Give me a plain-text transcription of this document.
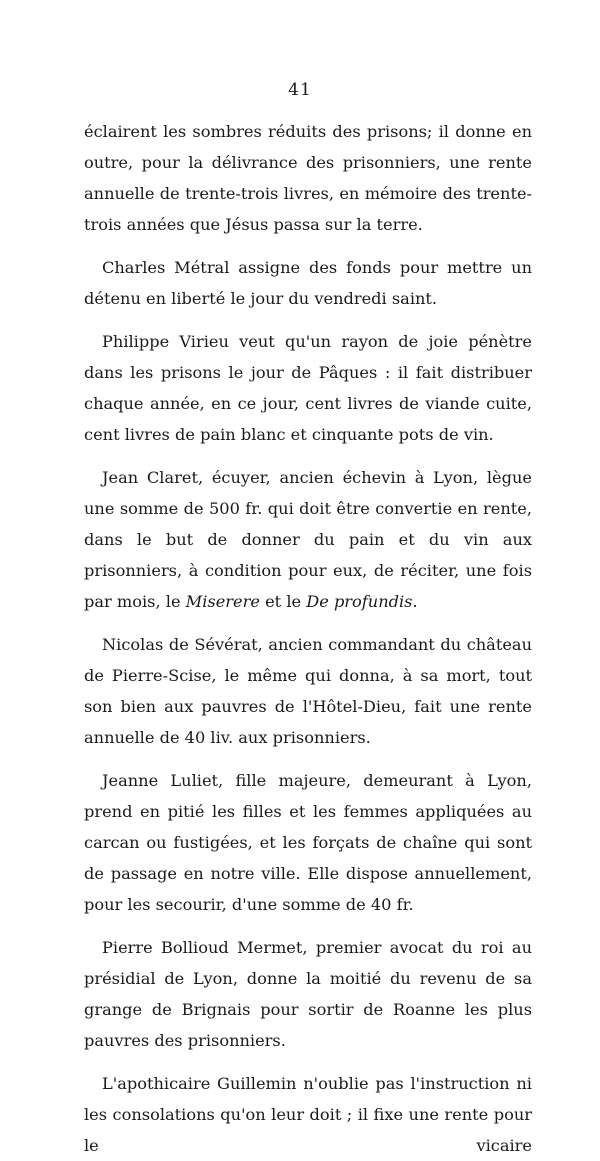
41

éclairent les sombres réduits des prisons; il donne en outre, pour la délivrance des prisonniers, une rente annuelle de trente-trois livres, en mémoire des trente-trois années que Jésus passa sur la terre.

Charles Métral assigne des fonds pour mettre un détenu en liberté le jour du vendredi saint.

Philippe Virieu veut qu'un rayon de joie pénètre dans les prisons le jour de Pâques : il fait distribuer chaque année, en ce jour, cent livres de viande cuite, cent livres de pain blanc et cinquante pots de vin.

Jean Claret, écuyer, ancien échevin à Lyon, lègue une somme de 500 fr. qui doit être convertie en rente, dans le but de donner du pain et du vin aux prisonniers, à condition pour eux, de réciter, une fois par mois, le Miserere et le De profundis.

Nicolas de Sévérat, ancien commandant du château de Pierre-Scise, le même qui donna, à sa mort, tout son bien aux pauvres de l'Hôtel-Dieu, fait une rente annuelle de 40 liv. aux prisonniers.

Jeanne Luliet, fille majeure, demeurant à Lyon, prend en pitié les filles et les femmes appliquées au carcan ou fustigées, et les forçats de chaîne qui sont de passage en notre ville. Elle dispose annuellement, pour les secourir, d'une somme de 40 fr.

Pierre Bollioud Mermet, premier avocat du roi au présidial de Lyon, donne la moitié du revenu de sa grange de Brignais pour sortir de Roanne les plus pauvres des prisonniers.

L'apothicaire Guillemin n'oublie pas l'instruction ni les consolations qu'on leur doit ; il fixe une rente pour le vicaire
